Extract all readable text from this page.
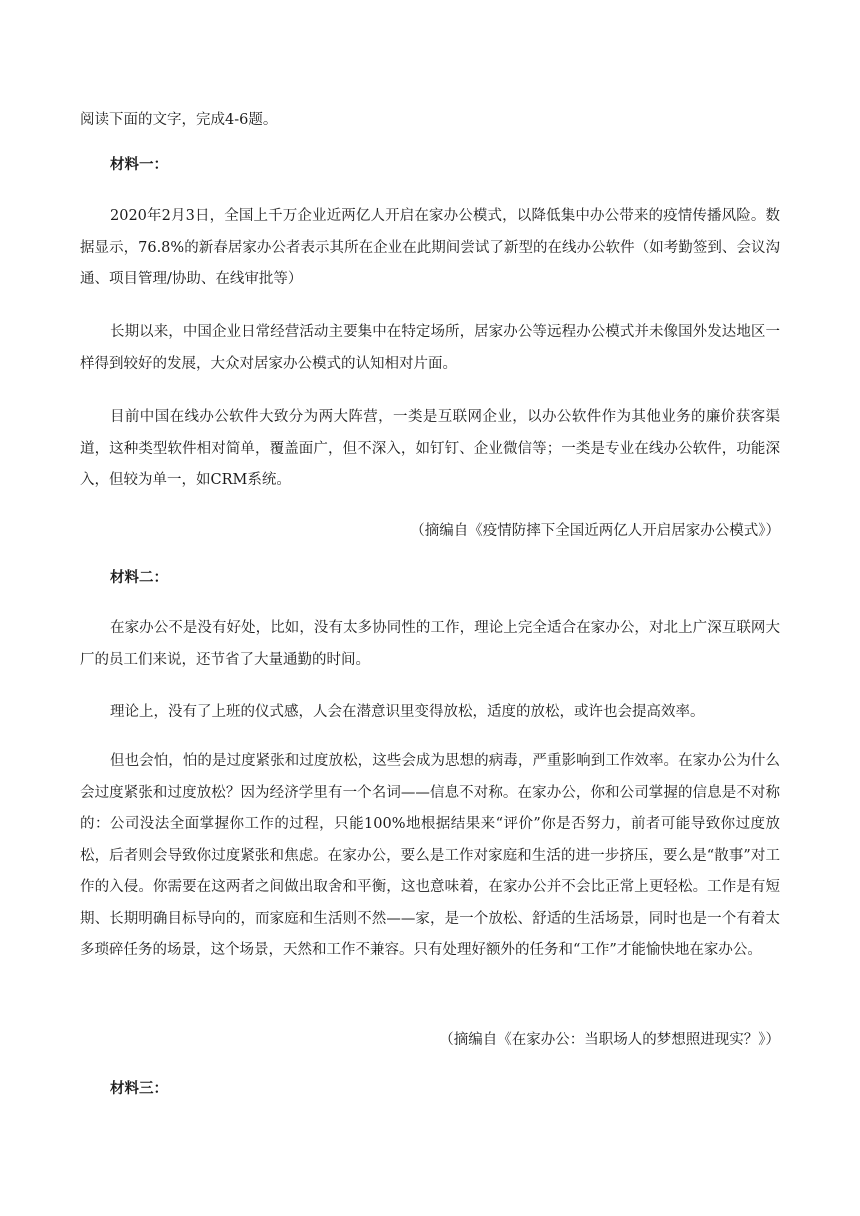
阅读下面的文字，完成4-6题。

材料一：

2020年2月3日，全国上千万企业近两亿人开启在家办公模式，以降低集中办公带来的疫情传播风险。数据显示，76.8%的新春居家办公者表示其所在企业在此期间尝试了新型的在线办公软件（如考勤签到、会议沟通、项目管理/协助、在线审批等）

长期以来，中国企业日常经营活动主要集中在特定场所，居家办公等远程办公模式并未像国外发达地区一样得到较好的发展，大众对居家办公模式的认知相对片面。

目前中国在线办公软件大致分为两大阵营，一类是互联网企业，以办公软件作为其他业务的廉价获客渠道，这种类型软件相对简单，覆盖面广，但不深入，如钉钉、企业微信等；一类是专业在线办公软件，功能深入，但较为单一，如CRM系统。

（摘编自《疫情防摔下全国近两亿人开启居家办公模式》）
材料二：

在家办公不是没有好处，比如，没有太多协同性的工作，理论上完全适合在家办公，对北上广深互联网大厂的员工们来说，还节省了大量通勤的时间。

理论上，没有了上班的仪式感，人会在潜意识里变得放松，适度的放松，或许也会提高效率。

但也会怕，怕的是过度紧张和过度放松，这些会成为思想的病毒，严重影响到工作效率。在家办公为什么会过度紧张和过度放松？因为经济学里有一个名词——信息不对称。在家办公，你和公司掌握的信息是不对称的：公司没法全面掌握你工作的过程，只能100%地根据结果来“评价”你是否努力，前者可能导致你过度放松，后者则会导致你过度紧张和焦虑。在家办公，要么是工作对家庭和生活的进一步挤压，要么是“散事”对工作的入侵。你需要在这两者之间做出取舍和平衡，这也意味着，在家办公并不会比正常上更轻松。工作是有短期、长期明确目标导向的，而家庭和生活则不然——家，是一个放松、舒适的生活场景，同时也是一个有着太多琐碎任务的场景，这个场景，天然和工作不兼容。只有处理好额外的任务和“工作”才能愉快地在家办公。

（摘编自《在家办公：当职场人的梦想照进现实？》）
材料三：
